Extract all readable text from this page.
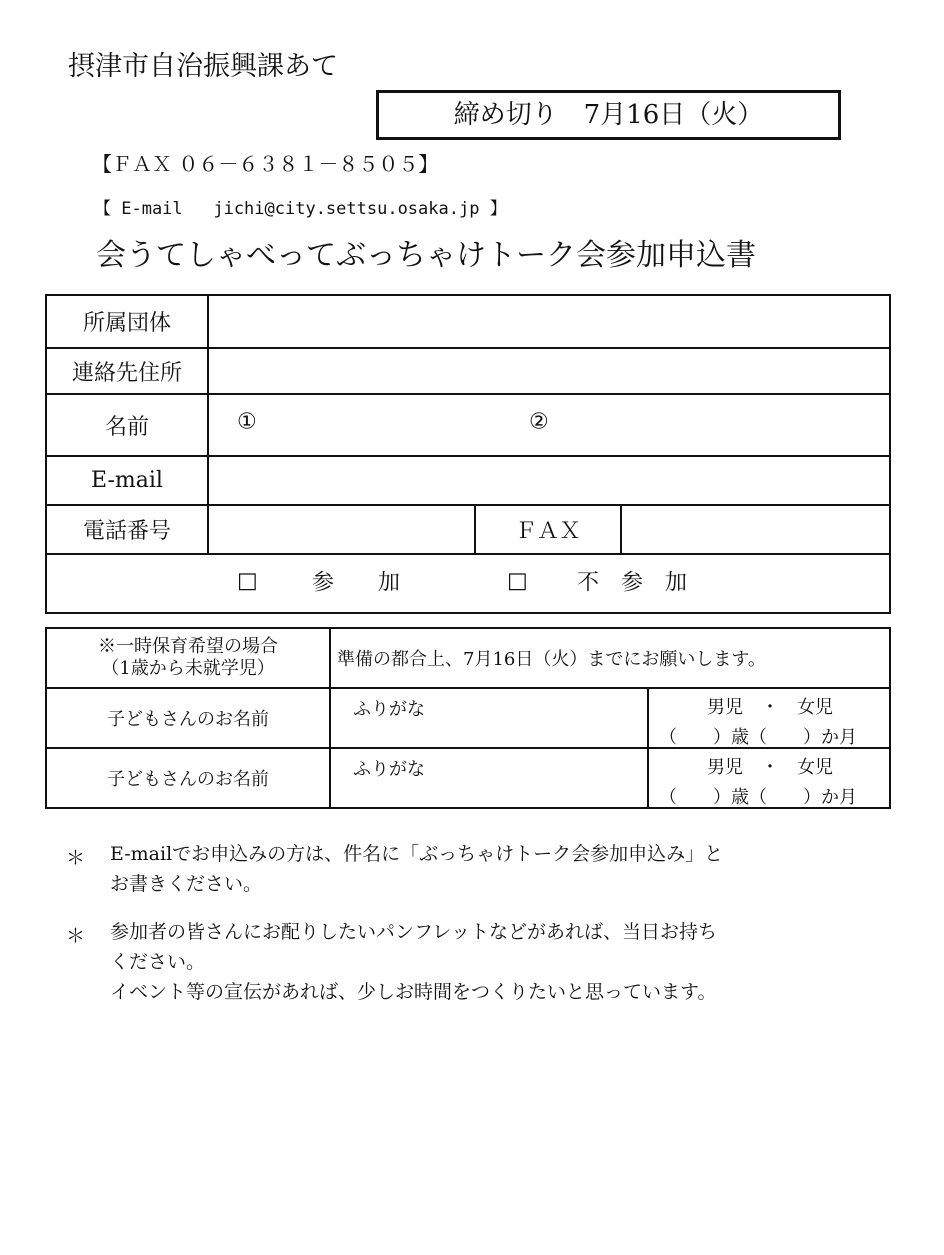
摂津市自治振興課あて
締め切り　7月16日（火）
【ＦＡＸ ０６－６３８１－８５０５】
【 E-mail   jichi@city.settsu.osaka.jp 】
会うてしゃべってぶっちゃけトーク会参加申込書
所属団体			
連絡先住所			
名前	① ②		

E-mail			
電話番号		ＦＡＸ	

□ 参　　加 □ 不　参　加			
※一時保育希望の場合
（1歳から未就学児）	準備の都合上、7月16日（火）までにお願いします。	
子どもさんのお名前	ふりがな	男児　・　女児
（　　）歳（　　）か月

子どもさんのお名前	ふりがな	男児　・　女児
（　　）歳（　　）か月
＊ E-mailでお申込みの方は、件名に「ぶっちゃけトーク会参加申込み」と
お書きください。
＊ 参加者の皆さんにお配りしたいパンフレットなどがあれば、当日お持ち
ください。
イベント等の宣伝があれば、少しお時間をつくりたいと思っています。
